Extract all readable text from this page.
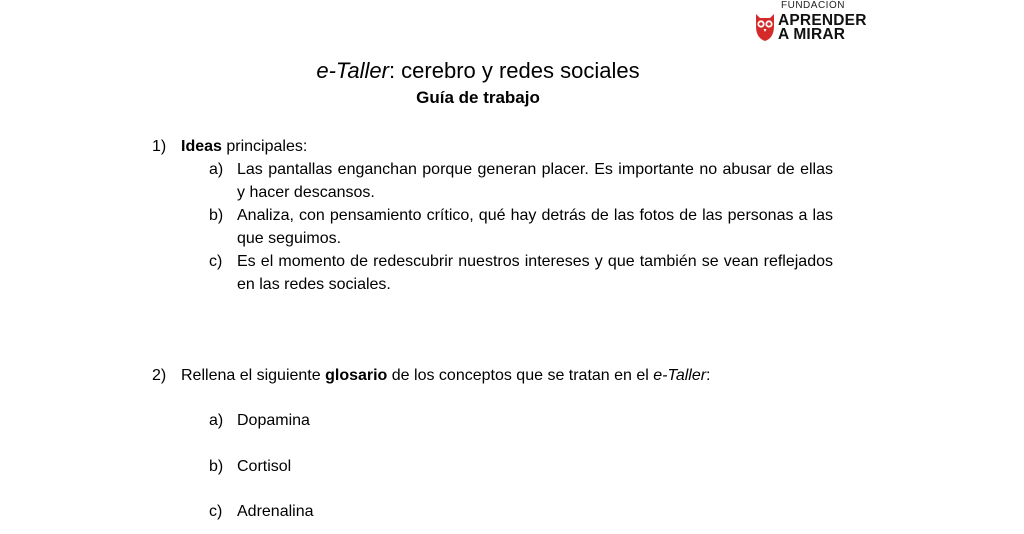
FUNDACIÓN
APRENDER
A MIRAR
e-Taller: cerebro y redes sociales
Guía de trabajo
1) Ideas principales:
a) Las pantallas enganchan porque generan placer. Es importante no abusar de ellas y hacer descansos.
b) Analiza, con pensamiento crítico, qué hay detrás de las fotos de las personas a las que seguimos.
c) Es el momento de redescubrir nuestros intereses y que también se vean reflejados en las redes sociales.
2) Rellena el siguiente glosario de los conceptos que se tratan en el e-Taller:
a) Dopamina
b) Cortisol
c) Adrenalina
